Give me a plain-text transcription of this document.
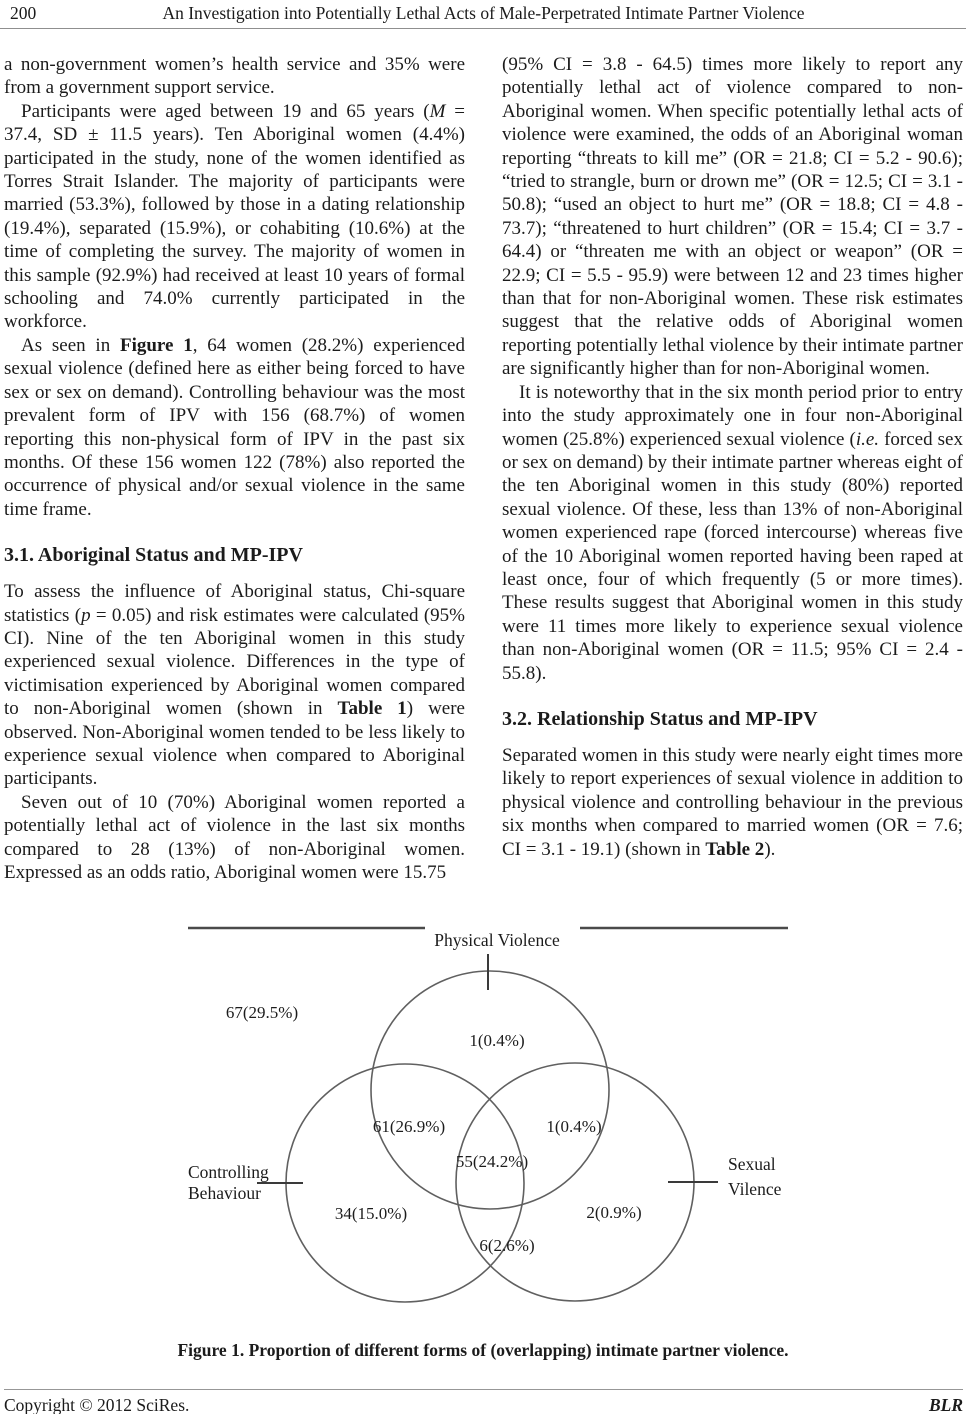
200	An Investigation into Potentially Lethal Acts of Male-Perpetrated Intimate Partner Violence

a non-government women’s health service and 35% were from a government support service.

Participants were aged between 19 and 65 years (M = 37.4, SD ± 11.5 years). Ten Aboriginal women (4.4%) participated in the study, none of the women identified as Torres Strait Islander. The majority of participants were married (53.3%), followed by those in a dating relationship (19.4%), separated (15.9%), or cohabiting (10.6%) at the time of completing the survey. The majority of women in this sample (92.9%) had received at least 10 years of formal schooling and 74.0% currently participated in the workforce.

As seen in Figure 1, 64 women (28.2%) experienced sexual violence (defined here as either being forced to have sex or sex on demand). Controlling behaviour was the most prevalent form of IPV with 156 (68.7%) of women reporting this non-physical form of IPV in the past six months. Of these 156 women 122 (78%) also reported the occurrence of physical and/or sexual violence in the same time frame.

3.1. Aboriginal Status and MP-IPV

To assess the influence of Aboriginal status, Chi-square statistics (p = 0.05) and risk estimates were calculated (95% CI). Nine of the ten Aboriginal women in this study experienced sexual violence. Differences in the type of victimisation experienced by Aboriginal women compared to non-Aboriginal women (shown in Table 1) were observed. Non-Aboriginal women tended to be less likely to experience sexual violence when compared to Aboriginal participants.

Seven out of 10 (70%) Aboriginal women reported a potentially lethal act of violence in the last six months compared to 28 (13%) of non-Aboriginal women. Expressed as an odds ratio, Aboriginal women were 15.75

(95% CI = 3.8 - 64.5) times more likely to report any potentially lethal act of violence compared to non-Aboriginal women. When specific potentially lethal acts of violence were examined, the odds of an Aboriginal woman reporting “threats to kill me” (OR = 21.8; CI = 5.2 - 90.6); “tried to strangle, burn or drown me” (OR = 12.5; CI = 3.1 - 50.8); “used an object to hurt me” (OR = 18.8; CI = 4.8 - 73.7); “threatened to hurt children” (OR = 15.4; CI = 3.7 - 64.4) or “threaten me with an object or weapon” (OR = 22.9; CI = 5.5 - 95.9) were between 12 and 23 times higher than that for non-Aboriginal women. These risk estimates suggest that the relative odds of Aboriginal women reporting potentially lethal violence by their intimate partner are significantly higher than for non-Aboriginal women.

It is noteworthy that in the six month period prior to entry into the study approximately one in four non-Aboriginal women (25.8%) experienced sexual violence (i.e. forced sex or sex on demand) by their intimate partner whereas eight of the ten Aboriginal women in this study (80%) reported sexual violence. Of these, less than 13% of non-Aboriginal women experienced rape (forced intercourse) whereas five of the 10 Aboriginal women reported having been raped at least once, four of which frequently (5 or more times). These results suggest that Aboriginal women in this study were 11 times more likely to experience sexual violence than non-Aboriginal women (OR = 11.5; 95% CI = 2.4 - 55.8).

3.2. Relationship Status and MP-IPV

Separated women in this study were nearly eight times more likely to report experiences of sexual violence in addition to physical violence and controlling behaviour in the previous six months when compared to married women (OR = 7.6; CI = 3.1 - 19.1) (shown in Table 2).

Physical Violence
Controlling
Behaviour
Sexual
Vilence
67(29.5%)
1(0.4%)
61(26.9%)	1(0.4%)
55(24.2%)
34(15.0%)	2(0.9%)
6(2.6%)
Figure 1. Proportion of different forms of (overlapping) intimate partner violence.
Copyright © 2012 SciRes.	BLR
